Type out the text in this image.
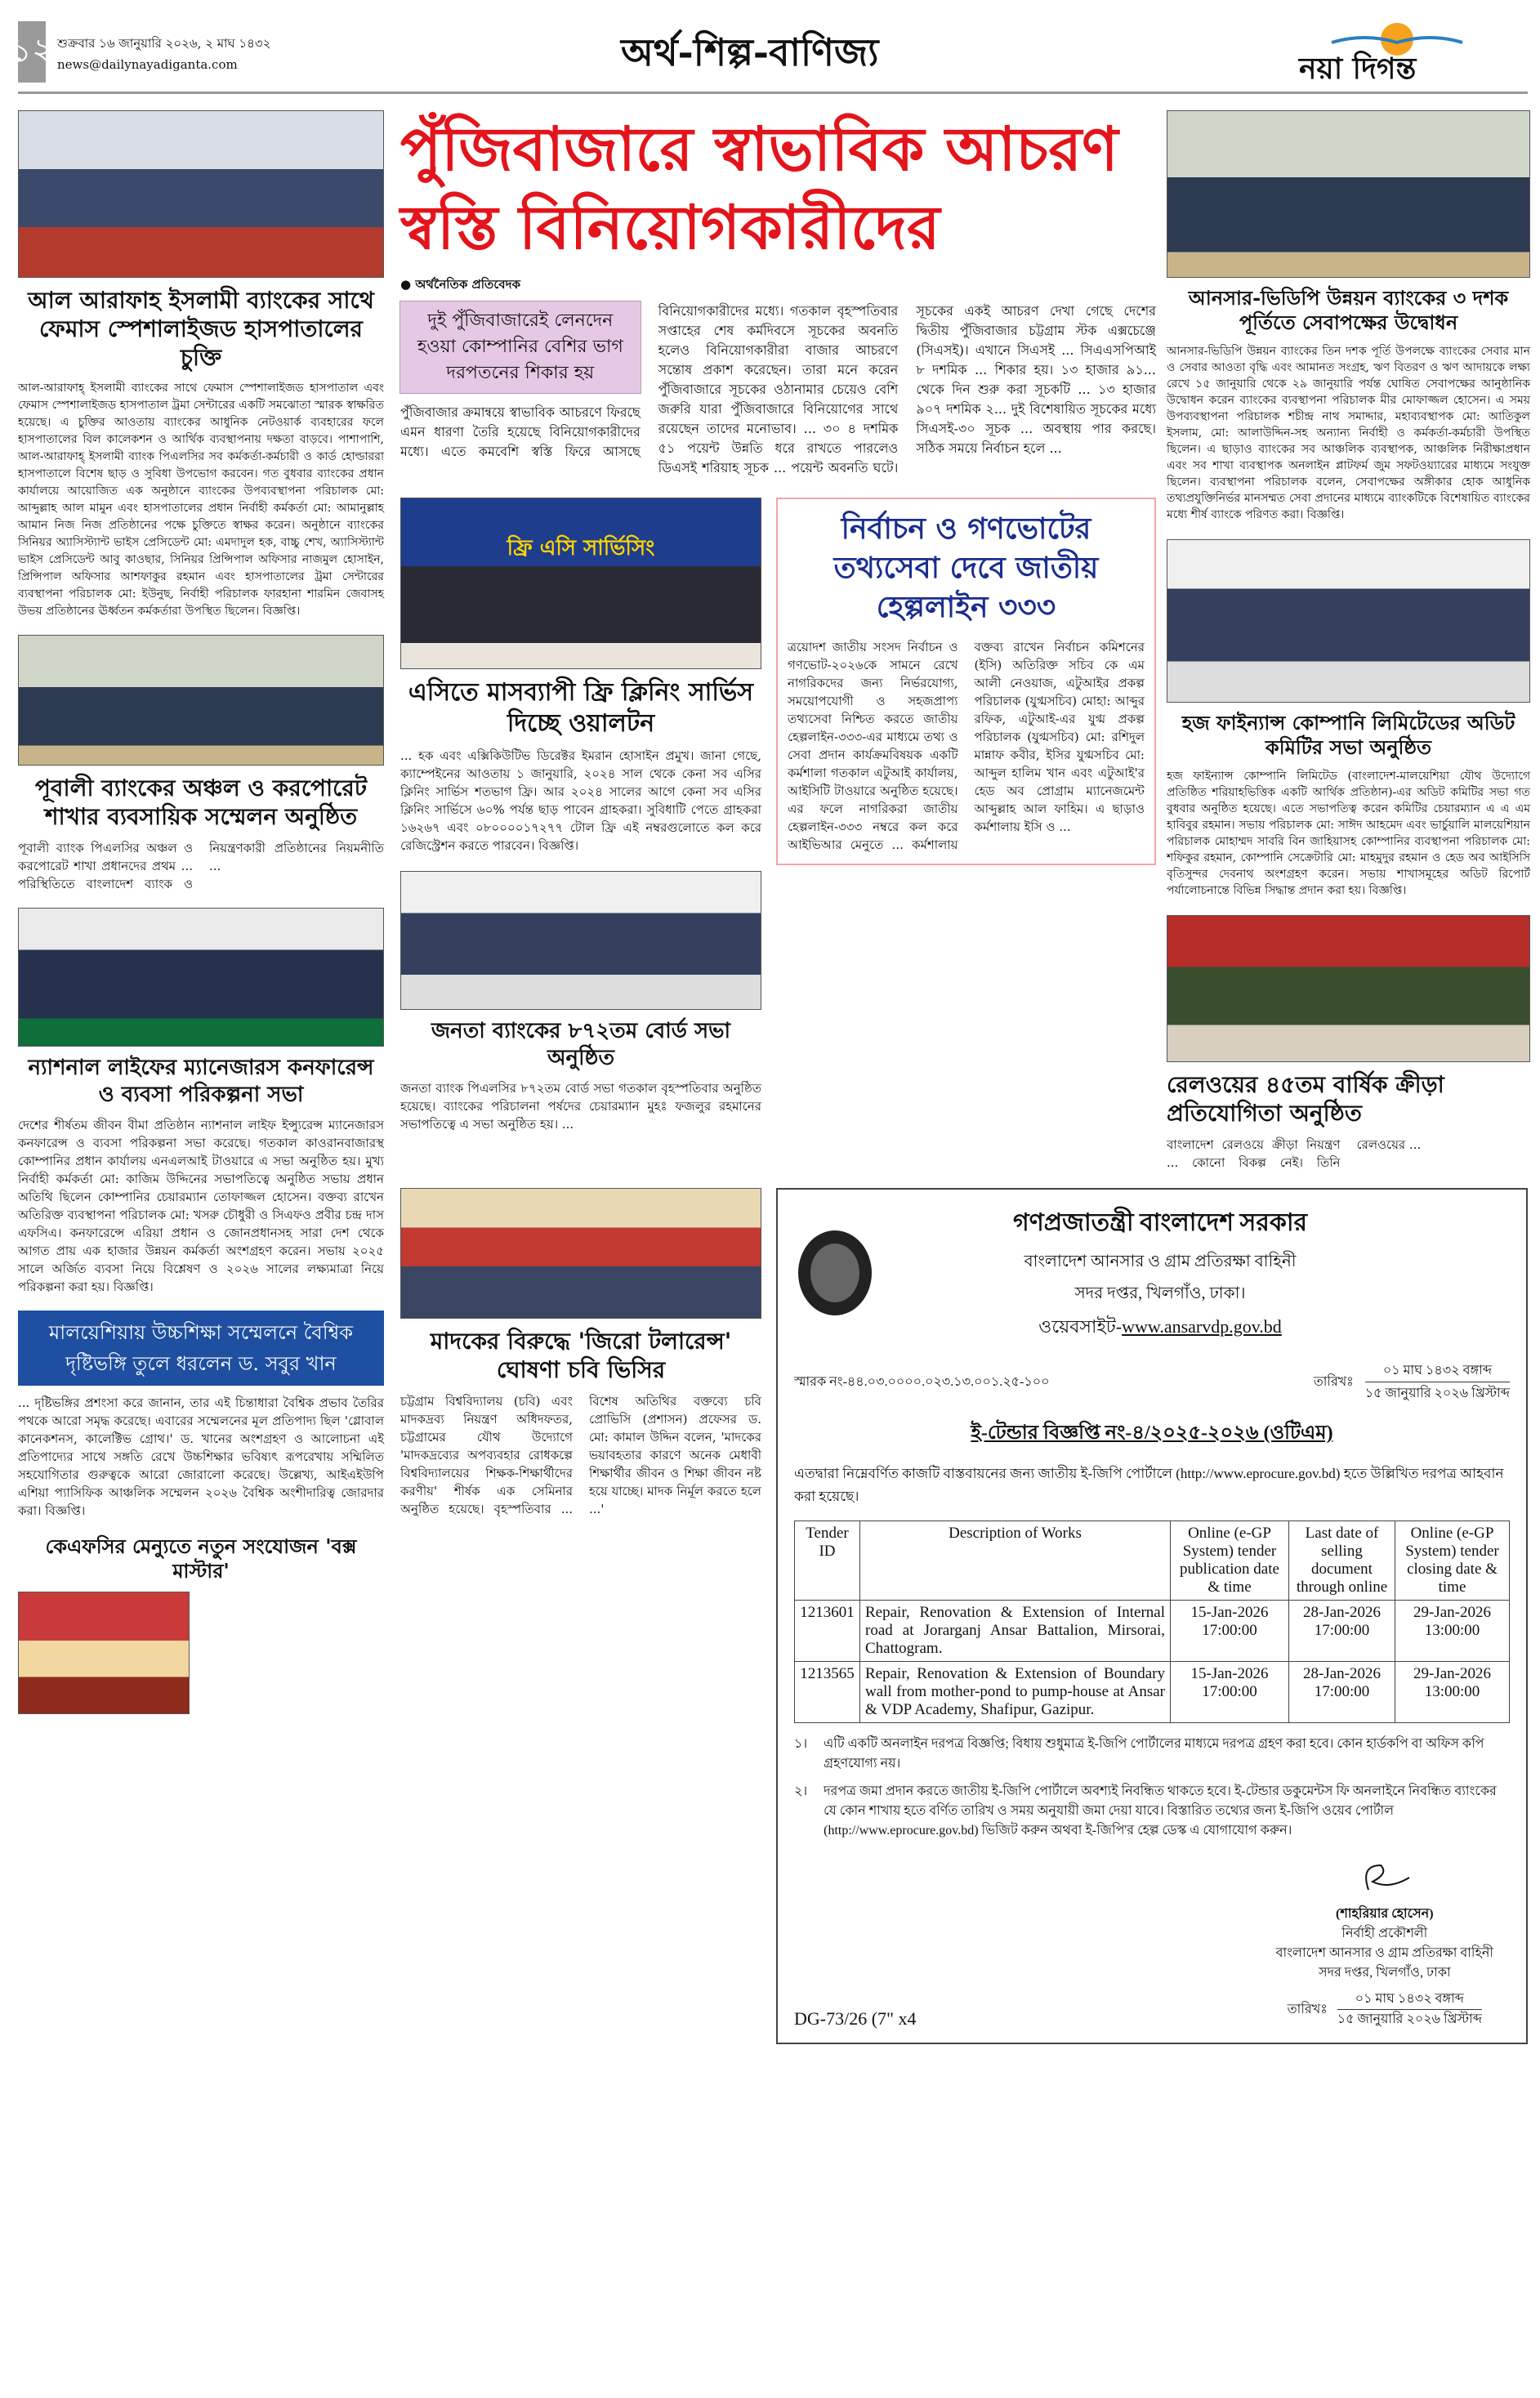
১২ শুক্রবার ১৬ জানুয়ারি ২০২৬, ২ মাঘ ১৪৩২
news@dailynayadiganta.com	অর্থ-শিল্প-বাণিজ্য	নয়া দিগন্ত
আল আরাফাহ ইসলামী ব্যাংকের সাথে ফেমাস স্পেশালাইজড হাসপাতালের চুক্তি
আল-আরাফাহ্ ইসলামী ব্যাংকের সাথে ফেমাস স্পেশালাইজড হাসপাতাল এবং ফেমাস স্পেশালাইজড হাসপাতাল ট্রমা সেন্টারের একটি সমঝোতা স্মারক স্বাক্ষরিত হয়েছে। এ চুক্তির আওতায় ব্যাংকের আধুনিক নেটওয়ার্ক ব্যবহারের ফলে হাসপাতালের বিল কালেকশন ও আর্থিক ব্যবস্থাপনায় দক্ষতা বাড়বে। পাশাপাশি, আল-আরাফাহ্ ইসলামী ব্যাংক পিএলসির সব কর্মকর্তা-কর্মচারী ও কার্ড হোল্ডাররা হাসপাতালে বিশেষ ছাড় ও সুবিধা উপভোগ করবেন। গত বুধবার ব্যাংকের প্রধান কার্যালয়ে আয়োজিত এক অনুষ্ঠানে ব্যাংকের উপব্যবস্থাপনা পরিচালক মো: আব্দুল্লাহ আল মামুন এবং হাসপাতালের প্রধান নির্বাহী কর্মকর্তা মো: আমানুল্লাহ আমান নিজ নিজ প্রতিষ্ঠানের পক্ষে চুক্তিতে স্বাক্ষর করেন। অনুষ্ঠানে ব্যাংকের সিনিয়র অ্যাসিস্ট্যান্ট ভাইস প্রেসিডেন্ট মো: এমদাদুল হক, বাচ্চু শেখ, অ্যাসিস্ট্যান্ট ভাইস প্রেসিডেন্ট আবু কাওছার, সিনিয়র প্রিন্সিপাল অফিসার নাজমুল হোসাইন, প্রিন্সিপাল অফিসার আশফাকুর রহমান এবং হাসপাতালের ট্রমা সেন্টারের ব্যবস্থাপনা পরিচালক মো: ইউনুছ, নির্বাহী পরিচালক ফারহানা শারমিন জেবাসহ উভয় প্রতিষ্ঠানের ঊর্ধ্বতন কর্মকর্তারা উপস্থিত ছিলেন। বিজ্ঞপ্তি।
পূবালী ব্যাংকের অঞ্চল ও করপোরেট শাখার ব্যবসায়িক সম্মেলন অনুষ্ঠিত
পূবালী ব্যাংক পিএলসির অঞ্চল ও করপোরেট শাখা প্রধানদের প্রথম ... পরিস্থিতিতে বাংলাদেশ ব্যাংক ও নিয়ন্ত্রণকারী প্রতিষ্ঠানের নিয়মনীতি ...
ন্যাশনাল লাইফের ম্যানেজারস কনফারেন্স ও ব্যবসা পরিকল্পনা সভা
দেশের শীর্ষতম জীবন বীমা প্রতিষ্ঠান ন্যাশনাল লাইফ ইন্স্যুরেন্স ম্যানেজারস কনফারেন্স ও ব্যবসা পরিকল্পনা সভা করেছে। গতকাল কাওরানবাজারস্থ কোম্পানির প্রধান কার্যালয় এনএলআই টাওয়ারে এ সভা অনুষ্ঠিত হয়। মুখ্য নির্বাহী কর্মকর্তা মো: কাজিম উদ্দিনের সভাপতিত্বে অনুষ্ঠিত সভায় প্রধান অতিথি ছিলেন কোম্পানির চেয়ারম্যান তোফাজ্জল হোসেন। বক্তব্য রাখেন অতিরিক্ত ব্যবস্থাপনা পরিচালক মো: খসরু চৌধুরী ও সিএফও প্রবীর চন্দ্র দাস এফসিএ। কনফারেন্সে এরিয়া প্রধান ও জোনপ্রধানসহ সারা দেশ থেকে আগত প্রায় এক হাজার উন্নয়ন কর্মকর্তা অংশগ্রহণ করেন। সভায় ২০২৫ সালে অর্জিত ব্যবসা নিয়ে বিশ্লেষণ ও ২০২৬ সালের লক্ষ্যমাত্রা নিয়ে পরিকল্পনা করা হয়। বিজ্ঞপ্তি।
মালয়েশিয়ায় উচ্চশিক্ষা সম্মেলনে বৈশ্বিক দৃষ্টিভঙ্গি তুলে ধরলেন ড. সবুর খান
... দৃষ্টিভঙ্গির প্রশংসা করে জানান, তার এই চিন্তাধারা বৈশ্বিক প্রভাব তৈরির পথকে আরো সমৃদ্ধ করেছে। এবারের সম্মেলনের মূল প্রতিপাদ্য ছিল 'গ্লোবাল কানেকশনস, কালেক্টিভ গ্রোথ।' ড. খানের অংশগ্রহণ ও আলোচনা এই প্রতিপাদ্যের সাথে সঙ্গতি রেখে উচ্চশিক্ষার ভবিষ্যৎ রূপরেখায় সম্মিলিত সহযোগিতার গুরুত্বকে আরো জোরালো করেছে। উল্লেখ্য, আইএইউপি এশিয়া প্যাসিফিক আঞ্চলিক সম্মেলন ২০২৬ বৈশ্বিক অংশীদারিত্ব জোরদার করা। বিজ্ঞপ্তি।
কেএফসির মেন্যুতে নতুন সংযোজন 'বক্স মাস্টার'
পুঁজিবাজারে স্বাভাবিক আচরণ
স্বস্তি বিনিয়োগকারীদের
● অর্থনৈতিক প্রতিবেদক
দুই পুঁজিবাজারেই লেনদেন হওয়া কোম্পানির বেশির ভাগ দরপতনের শিকার হয়
পুঁজিবাজার ক্রমান্বয়ে স্বাভাবিক আচরণে ফিরছে এমন ধারণা তৈরি হয়েছে বিনিয়োগকারীদের মধ্যে। এতে কমবেশি স্বস্তি ফিরে আসছে বিনিয়োগকারীদের মধ্যে। গতকাল বৃহস্পতিবার সপ্তাহের শেষ কর্মদিবসে সূচকের অবনতি হলেও বিনিয়োগকারীরা বাজার আচরণে সন্তোষ প্রকাশ করেছেন। তারা মনে করেন পুঁজিবাজারে সূচকের ওঠানামার চেয়েও বেশি জরুরি যারা পুঁজিবাজারে বিনিয়োগের সাথে রয়েছেন তাদের মনোভাব। ... ৩০ ৪ দশমিক ৫১ পয়েন্ট উন্নতি ধরে রাখতে পারলেও ডিএসই শরিয়াহ সূচক ... পয়েন্ট অবনতি ঘটে। সূচকের একই আচরণ দেখা গেছে দেশের দ্বিতীয় পুঁজিবাজার চট্টগ্রাম স্টক এক্সচেঞ্জে (সিএসই)। এখানে সিএসই ... সিএএসপিআই ৮ দশমিক ... শিকার হয়। ১৩ হাজার ৯১... থেকে দিন শুরু করা সূচকটি ... ১৩ হাজার ৯০৭ দশমিক ২... দুই বিশেষায়িত সূচকের মধ্যে সিএসই-৩০ সূচক ... অবস্থায় পার করছে। সঠিক সময়ে নির্বাচন হলে ...
ফ্রি এসি সার্ভিসিং
এসিতে মাসব্যাপী ফ্রি ক্লিনিং সার্ভিস দিচ্ছে ওয়ালটন
... হক এবং এক্সিকিউটিভ ডিরেক্টর ইমরান হোসাইন প্রমুখ। জানা গেছে, ক্যাম্পেইনের আওতায় ১ জানুয়ারি, ২০২৪ সাল থেকে কেনা সব এসির ক্লিনিং সার্ভিস শতভাগ ফ্রি। আর ২০২৪ সালের আগে কেনা সব এসির ক্লিনিং সার্ভিসে ৬০% পর্যন্ত ছাড় পাবেন গ্রাহকরা। সুবিধাটি পেতে গ্রাহকরা ১৬২৬৭ এবং ০৮০০০০১৭২৭৭ টোল ফ্রি এই নম্বরগুলোতে কল করে রেজিস্ট্রেশন করতে পারবেন। বিজ্ঞপ্তি।
জনতা ব্যাংকের ৮৭২তম বোর্ড সভা অনুষ্ঠিত
জনতা ব্যাংক পিএলসির ৮৭২তম বোর্ড সভা গতকাল বৃহস্পতিবার অনুষ্ঠিত হয়েছে। ব্যাংকের পরিচালনা পর্ষদের চেয়ারম্যান মুহঃ ফজলুর রহমানের সভাপতিত্বে এ সভা অনুষ্ঠিত হয়। ...
নির্বাচন ও গণভোটের তথ্যসেবা দেবে জাতীয় হেল্পলাইন ৩৩৩
ত্রয়োদশ জাতীয় সংসদ নির্বাচন ও গণভোট-২০২৬কে সামনে রেখে নাগরিকদের জন্য নির্ভরযোগ্য, সময়োপযোগী ও সহজপ্রাপ্য তথ্যসেবা নিশ্চিত করতে জাতীয় হেল্পলাইন-৩৩৩-এর মাধ্যমে তথ্য ও সেবা প্রদান কার্যক্রমবিষয়ক একটি কর্মশালা গতকাল এটুআই কার্যালয়, আইসিটি টাওয়ারে অনুষ্ঠিত হয়েছে। এর ফলে নাগরিকরা জাতীয় হেল্পলাইন-৩৩৩ নম্বরে কল করে আইভিআর মেনুতে ... কর্মশালায় বক্তব্য রাখেন নির্বাচন কমিশনের (ইসি) অতিরিক্ত সচিব কে এম আলী নেওয়াজ, এটুআইর প্রকল্প পরিচালক (যুগ্মসচিব) মোহা: আব্দুর রফিক, এটুআই-এর যুগ্ম প্রকল্প পরিচালক (যুগ্মসচিব) মো: রশিদুল মান্নাফ কবীর, ইসির যুগ্মসচিব মো: আব্দুল হালিম খান এবং এটুআই'র হেড অব প্রোগ্রাম ম্যানেজমেন্ট আব্দুল্লাহ আল ফাহিম। এ ছাড়াও কর্মশালায় ইসি ও ...
আনসার-ভিডিপি উন্নয়ন ব্যাংকের ৩ দশক পূর্তিতে সেবাপক্ষের উদ্বোধন
আনসার-ভিডিপি উন্নয়ন ব্যাংকের তিন দশক পূর্তি উপলক্ষে ব্যাংকের সেবার মান ও সেবার আওতা বৃদ্ধি এবং আমানত সংগ্রহ, ঋণ বিতরণ ও ঋণ আদায়কে লক্ষ্য রেখে ১৫ জানুয়ারি থেকে ২৯ জানুয়ারি পর্যন্ত ঘোষিত সেবাপক্ষের আনুষ্ঠানিক উদ্বোধন করেন ব্যাংকের ব্যবস্থাপনা পরিচালক মীর মোফাজ্জল হোসেন। এ সময় উপব্যবস্থাপনা পরিচালক শচীন্দ্র নাথ সমাদ্দার, মহাব্যবস্থাপক মো: আতিকুল ইসলাম, মো: আলাউদ্দিন-সহ অন্যান্য নির্বাহী ও কর্মকর্তা-কর্মচারী উপস্থিত ছিলেন। এ ছাড়াও ব্যাংকের সব আঞ্চলিক ব্যবস্থাপক, আঞ্চলিক নিরীক্ষাপ্রধান এবং সব শাখা ব্যবস্থাপক অনলাইন প্লাটফর্ম জুম সফটওয়্যারের মাধ্যমে সংযুক্ত ছিলেন। ব্যবস্থাপনা পরিচালক বলেন, সেবাপক্ষের অঙ্গীকার হোক আধুনিক তথ্যপ্রযুক্তিনির্ভর মানসম্মত সেবা প্রদানের মাধ্যমে ব্যাংকটিকে বিশেষায়িত ব্যাংকের মধ্যে শীর্ষ ব্যাংকে পরিণত করা। বিজ্ঞপ্তি।
হজ ফাইন্যান্স কোম্পানি লিমিটেডের অডিট কমিটির সভা অনুষ্ঠিত
হজ ফাইন্যান্স কোম্পানি লিমিটেড (বাংলাদেশ-মালয়েশিয়া যৌথ উদ্যোগে প্রতিষ্ঠিত শরিয়াহভিত্তিক একটি আর্থিক প্রতিষ্ঠান)-এর অডিট কমিটির সভা গত বুধবার অনুষ্ঠিত হয়েছে। এতে সভাপতিত্ব করেন কমিটির চেয়ারম্যান এ এ এম হাবিবুর রহমান। সভায় পরিচালক মো: সাঈদ আহমেদ এবং ভার্চুয়ালি মালয়েশিয়ান পরিচালক মোহাম্মদ সাবরি বিন জাহিয়াসহ কোম্পানির ব্যবস্থাপনা পরিচালক মো: শফিকুর রহমান, কোম্পানি সেক্রেটারি মো: মাহমুদুর রহমান ও হেড অব আইসিসি বৃতিসুন্দর দেবনাথ অংশগ্রহণ করেন। সভায় শাখাসমূহের অডিট রিপোর্ট পর্যালোচনান্তে বিভিন্ন সিদ্ধান্ত প্রদান করা হয়। বিজ্ঞপ্তি।
রেলওয়ের ৪৫তম বার্ষিক ক্রীড়া প্রতিযোগিতা অনুষ্ঠিত
বাংলাদেশ রেলওয়ে ক্রীড়া নিয়ন্ত্রণ ... কোনো বিকল্প নেই। তিনি রেলওয়ের ...
মাদকের বিরুদ্ধে 'জিরো টলারেন্স' ঘোষণা চবি ভিসির
চট্টগ্রাম বিশ্ববিদ্যালয় (চবি) এবং মাদকদ্রব্য নিয়ন্ত্রণ অধিদফতর, চট্টগ্রামের যৌথ উদ্যোগে 'মাদকদ্রব্যের অপব্যবহার রোধকল্পে বিশ্ববিদ্যালয়ের শিক্ষক-শিক্ষার্থীদের করণীয়' শীর্ষক এক সেমিনার অনুষ্ঠিত হয়েছে। বৃহস্পতিবার ... বিশেষ অতিথির বক্তব্যে চবি প্রোভিসি (প্রশাসন) প্রফেসর ড. মো: কামাল উদ্দিন বলেন, 'মাদকের ভয়াবহতার কারণে অনেক মেধাবী শিক্ষার্থীর জীবন ও শিক্ষা জীবন নষ্ট হয়ে যাচ্ছে। মাদক নির্মূল করতে হলে ...'
গণপ্রজাতন্ত্রী বাংলাদেশ সরকার
বাংলাদেশ আনসার ও গ্রাম প্রতিরক্ষা বাহিনী
সদর দপ্তর, খিলগাঁও, ঢাকা।
ওয়েবসাইট-www.ansarvdp.gov.bd
স্মারক নং-৪৪.০৩.০০০০.০২৩.১৩.০০১.২৫-১০০	তারিখঃ
০১ মাঘ ১৪৩২ বঙ্গাব্দ
১৫ জানুয়ারি ২০২৬ খ্রিস্টাব্দ
ই-টেন্ডার বিজ্ঞপ্তি নং-৪/২০২৫-২০২৬ (ওটিএম)
এতদ্বারা নিম্নেবর্ণিত কাজটি বাস্তবায়নের জন্য জাতীয় ই-জিপি পোর্টালে (http://www.eprocure.gov.bd) হতে উল্লিখিত দরপত্র আহবান করা হয়েছে।
Tender ID	Description of Works	Online (e-GP System) tender publication date & time	Last date of selling document through online	Online (e-GP System) tender closing date & time
1213601	Repair, Renovation & Extension of Internal road at Jorarganj Ansar Battalion, Mirsorai, Chattogram.	15-Jan-2026 17:00:00	28-Jan-2026 17:00:00	29-Jan-2026 13:00:00
1213565	Repair, Renovation & Extension of Boundary wall from mother-pond to pump-house at Ansar & VDP Academy, Shafipur, Gazipur.	15-Jan-2026 17:00:00	28-Jan-2026 17:00:00	29-Jan-2026 13:00:00
১। এটি একটি অনলাইন দরপত্র বিজ্ঞপ্তি; বিধায় শুধুমাত্র ই-জিপি পোর্টালের মাধ্যমে দরপত্র গ্রহণ করা হবে। কোন হার্ডকপি বা অফিস কপি গ্রহণযোগ্য নয়।
২। দরপত্র জমা প্রদান করতে জাতীয় ই-জিপি পোর্টালে অবশ্যই নিবন্ধিত থাকতে হবে। ই-টেন্ডার ডকুমেন্টস ফি অনলাইনে নিবন্ধিত ব্যাংকের যে কোন শাখায় হতে বর্ণিত তারিখ ও সময় অনুযায়ী জমা দেয়া যাবে। বিস্তারিত তথ্যের জন্য ই-জিপি ওয়েব পোর্টাল (http://www.eprocure.gov.bd) ভিজিট করুন অথবা ই-জিপি'র হেল্প ডেস্ক এ যোগাযোগ করুন।
DG-73/26 (7" x4
(শাহরিয়ার হোসেন)
নির্বাহী প্রকৌশলী
বাংলাদেশ আনসার ও গ্রাম প্রতিরক্ষা বাহিনী
সদর দপ্তর, খিলগাঁও, ঢাকা
তারিখঃ
০১ মাঘ ১৪৩২ বঙ্গাব্দ
১৫ জানুয়ারি ২০২৬ খ্রিস্টাব্দ
